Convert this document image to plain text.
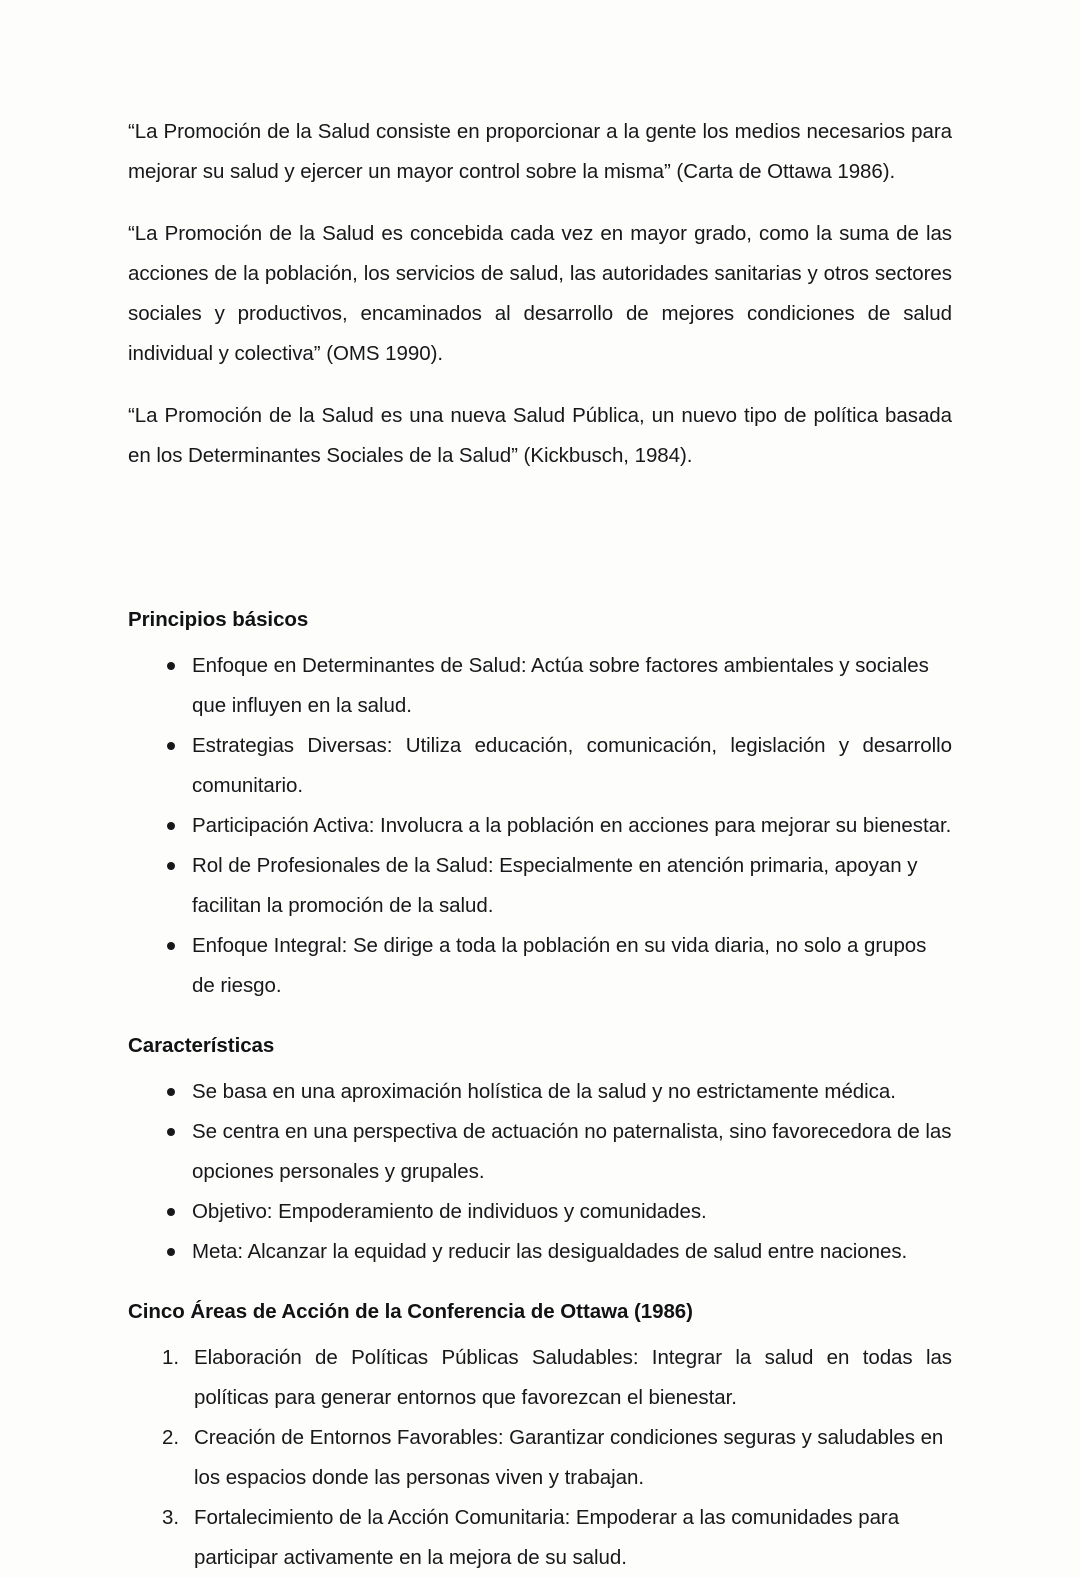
“La Promoción de la Salud consiste en proporcionar a la gente los medios necesarios para mejorar su salud y ejercer un mayor control sobre la misma” (Carta de Ottawa 1986).

“La Promoción de la Salud es concebida cada vez en mayor grado, como la suma de las acciones de la población, los servicios de salud, las autoridades sanitarias y otros sectores sociales y productivos, encaminados al desarrollo de mejores condiciones de salud individual y colectiva” (OMS 1990).

“La Promoción de la Salud es una nueva Salud Pública, un nuevo tipo de política basada en los Determinantes Sociales de la Salud” (Kickbusch, 1984).

Principios básicos
Enfoque en Determinantes de Salud: Actúa sobre factores ambientales y sociales que influyen en la salud.
Estrategias Diversas: Utiliza educación, comunicación, legislación y desarrollo comunitario.
Participación Activa: Involucra a la población en acciones para mejorar su bienestar.
Rol de Profesionales de la Salud: Especialmente en atención primaria, apoyan y facilitan la promoción de la salud.
Enfoque Integral: Se dirige a toda la población en su vida diaria, no solo a grupos de riesgo.
Características
Se basa en una aproximación holística de la salud y no estrictamente médica.
Se centra en una perspectiva de actuación no paternalista, sino favorecedora de las opciones personales y grupales.
Objetivo: Empoderamiento de individuos y comunidades.
Meta: Alcanzar la equidad y reducir las desigualdades de salud entre naciones.
Cinco Áreas de Acción de la Conferencia de Ottawa (1986)
1. Elaboración de Políticas Públicas Saludables: Integrar la salud en todas las políticas para generar entornos que favorezcan el bienestar.
2. Creación de Entornos Favorables: Garantizar condiciones seguras y saludables en los espacios donde las personas viven y trabajan.
3. Fortalecimiento de la Acción Comunitaria: Empoderar a las comunidades para participar activamente en la mejora de su salud.
